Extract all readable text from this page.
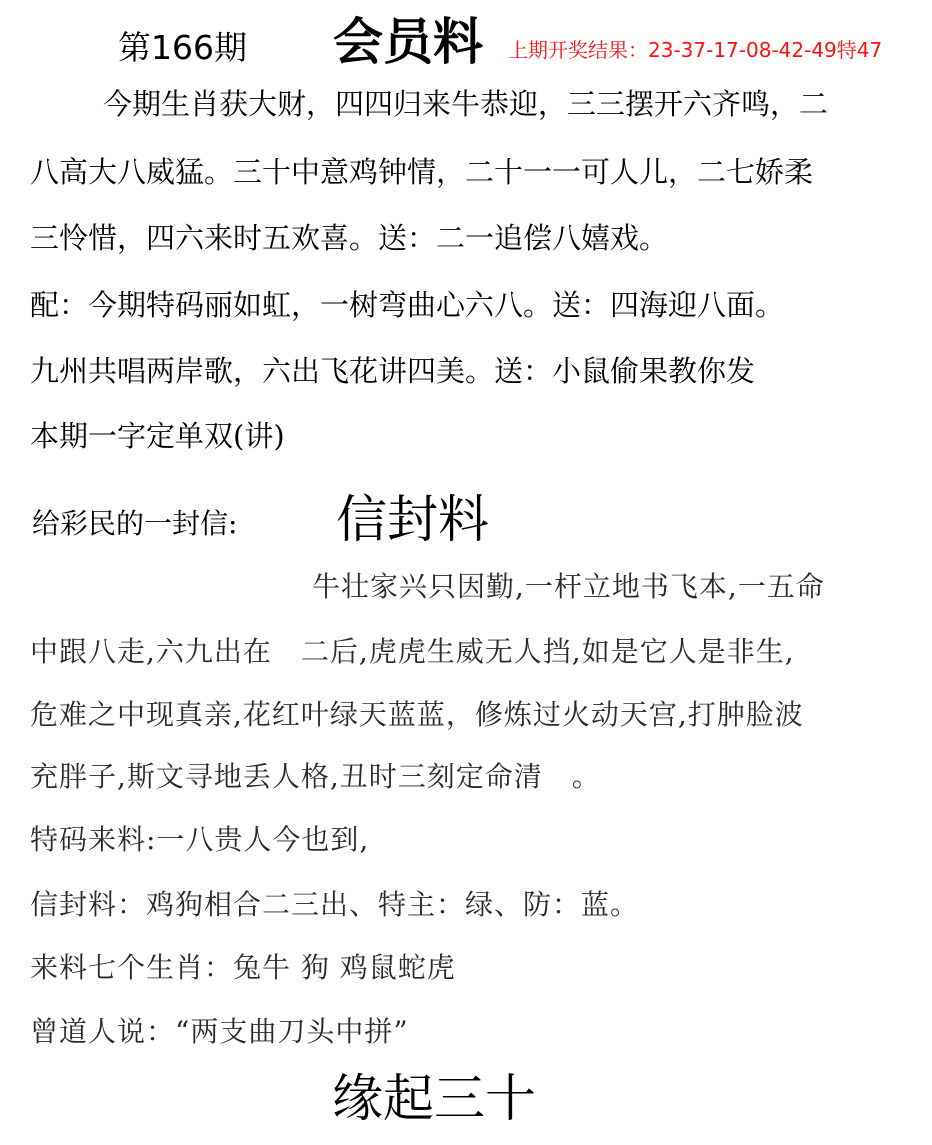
第166期 会员料 上期开奖结果：23-37-17-08-42-49特47
今期生肖获大财，四四归来牛恭迎，三三摆开六齐鸣，二
八高大八威猛。三十中意鸡钟情，二十一一可人儿，二七娇柔
三怜惜，四六来时五欢喜。送：二一追偿八嬉戏。
配：今期特码丽如虹，一树弯曲心六八。送：四海迎八面。
九州共唱两岸歌，六出飞花讲四美。送：小鼠偷果教你发
本期一字定单双(讲)
给彩民的一封信: 信封料
牛壮家兴只因勤,一杆立地书飞本,一五命
中跟八走,六九出在　二后,虎虎生威无人挡,如是它人是非生,
危难之中现真亲,花红叶绿天蓝蓝，修炼过火动天宫,打肿脸波
充胖子,斯文寻地丢人格,丑时三刻定命清　。
特码来料:一八贵人今也到,
信封料：鸡狗相合二三出、特主：绿、防：蓝。
来料七个生肖：兔牛 狗 鸡鼠蛇虎
曾道人说：“两支曲刀头中拼”
缘起三十
